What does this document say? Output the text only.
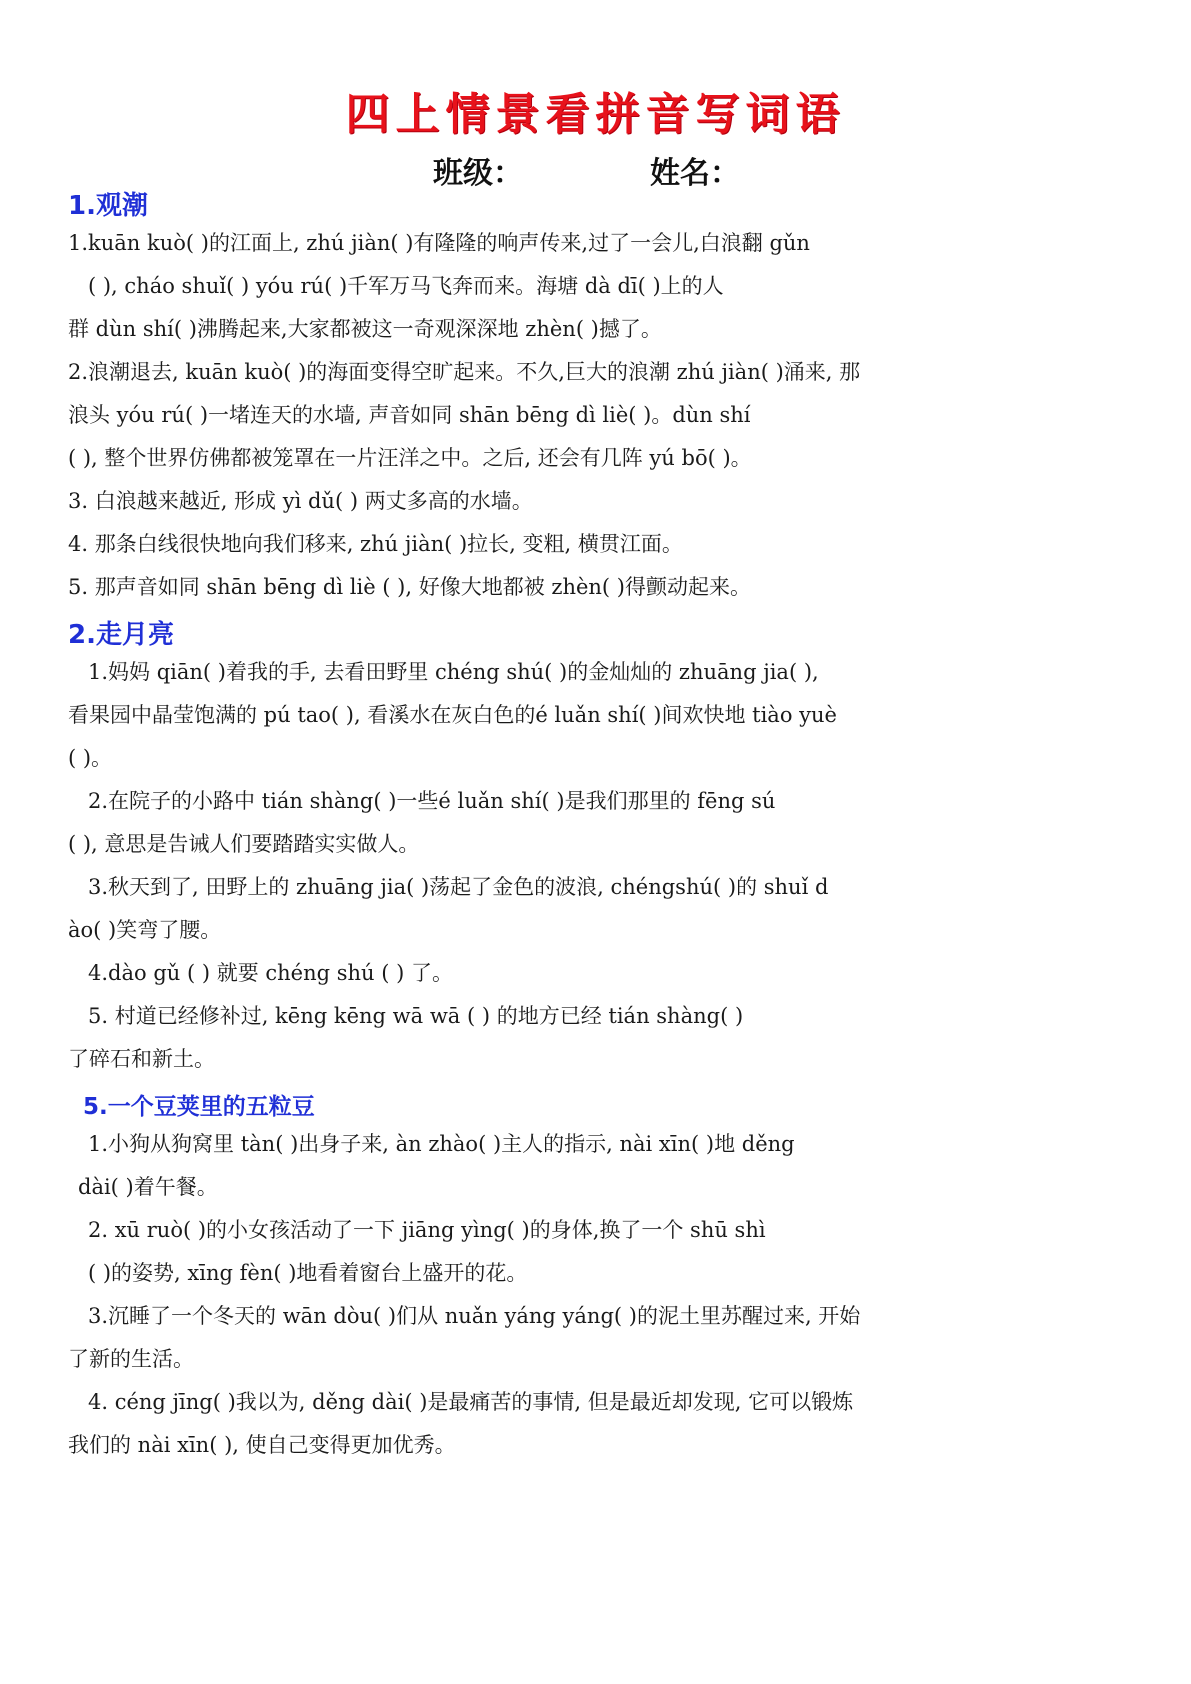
四上情景看拼音写词语
班级：	姓名：
1.观潮
1.kuān kuò( )的江面上, zhú jiàn( )有隆隆的响声传来,过了一会儿,白浪翻 gǔn
( ), cháo shuǐ( ) yóu rú( )千军万马飞奔而来。海塘 dà dī( )上的人
群 dùn shí( )沸腾起来,大家都被这一奇观深深地 zhèn( )撼了。
2.浪潮退去, kuān kuò( )的海面变得空旷起来。不久,巨大的浪潮 zhú jiàn( )涌来, 那
浪头 yóu rú( )一堵连天的水墙, 声音如同 shān bēng dì liè( )。dùn shí
( ), 整个世界仿佛都被笼罩在一片汪洋之中。之后, 还会有几阵 yú bō( )。
3. 白浪越来越近, 形成 yì dǔ( ) 两丈多高的水墙。
4. 那条白线很快地向我们移来, zhú jiàn( )拉长, 变粗, 横贯江面。
5. 那声音如同 shān bēng dì liè ( ), 好像大地都被 zhèn( )得颤动起来。
2.走月亮
1.妈妈 qiān( )着我的手, 去看田野里 chéng shú( )的金灿灿的 zhuāng jia( ),
看果园中晶莹饱满的 pú tao( ), 看溪水在灰白色的é luǎn shí( )间欢快地 tiào yuè
( )。
2.在院子的小路中 tián shàng( )一些é luǎn shí( )是我们那里的 fēng sú
( ), 意思是告诫人们要踏踏实实做人。
3.秋天到了, 田野上的 zhuāng jia( )荡起了金色的波浪, chéngshú( )的 shuǐ d
ào( )笑弯了腰。
4.dào gǔ ( ) 就要 chéng shú ( ) 了。
5. 村道已经修补过, kēng kēng wā wā ( ) 的地方已经 tián shàng( )
了碎石和新土。
5.一个豆荚里的五粒豆
1.小狗从狗窝里 tàn( )出身子来, àn zhào( )主人的指示, nài xīn( )地 děng
dài( )着午餐。
2. xū ruò( )的小女孩活动了一下 jiāng yìng( )的身体,换了一个 shū shì
( )的姿势, xīng fèn( )地看着窗台上盛开的花。
3.沉睡了一个冬天的 wān dòu( )们从 nuǎn yáng yáng( )的泥土里苏醒过来, 开始
了新的生活。
4. céng jīng( )我以为, děng dài( )是最痛苦的事情, 但是最近却发现, 它可以锻炼
我们的 nài xīn( ), 使自己变得更加优秀。
